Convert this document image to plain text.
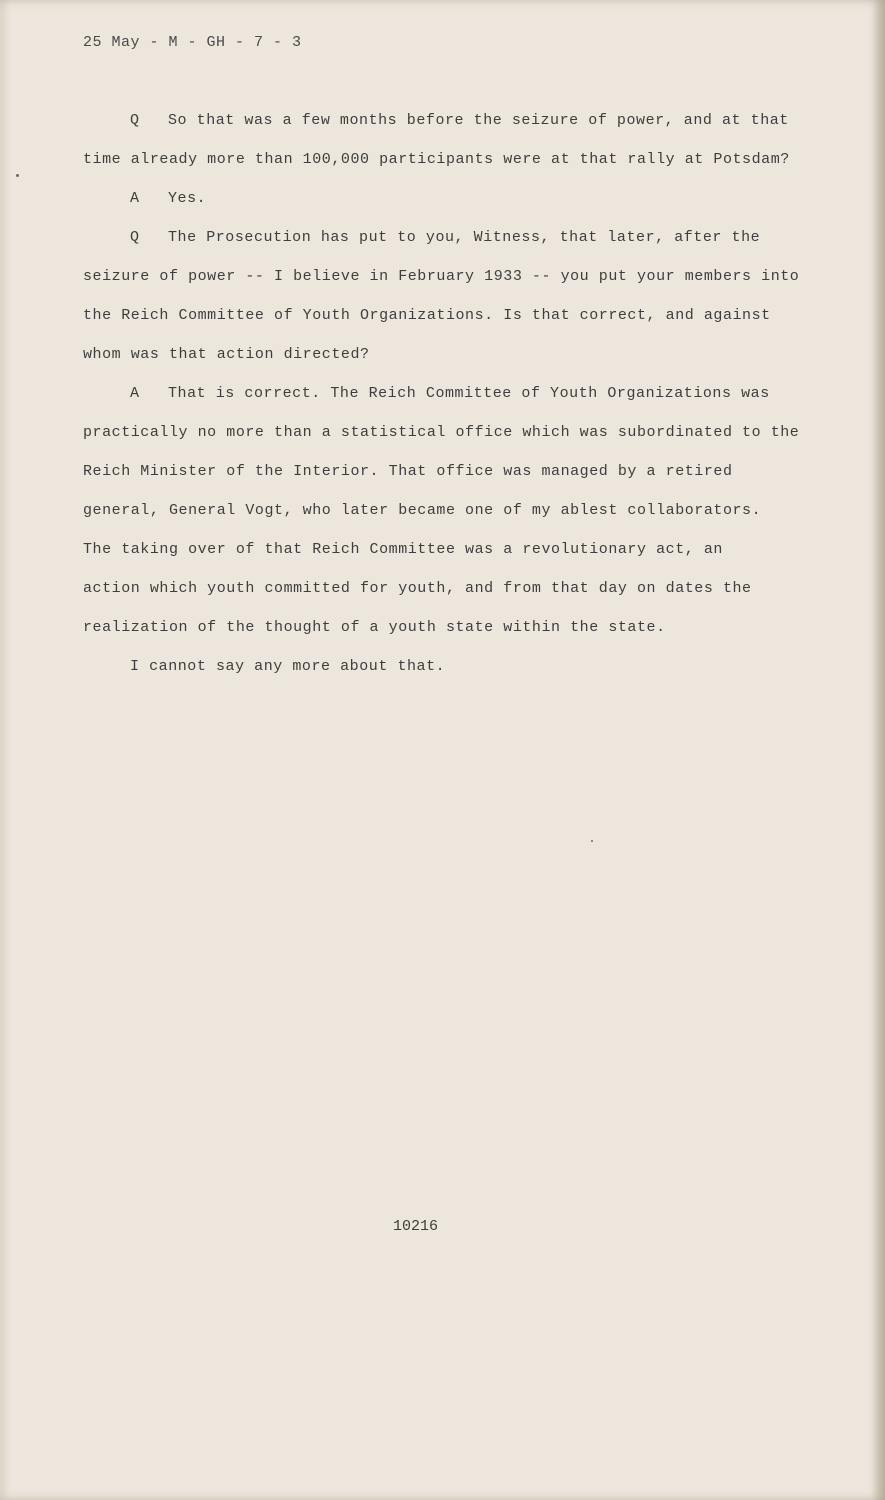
25 May - M - GH - 7 - 3
Q So that was a few months before the seizure of power, and at that
time already more than 100,000 participants were at that rally at Potsdam?
A Yes.
Q The Prosecution has put to you, Witness, that later, after the
seizure of power -- I believe in February 1933 -- you put your members into
the Reich Committee of Youth Organizations. Is that correct, and against
whom was that action directed?
A That is correct. The Reich Committee of Youth Organizations was
practically no more than a statistical office which was subordinated to the
Reich Minister of the Interior. That office was managed by a retired
general, General Vogt, who later became one of my ablest collaborators.
The taking over of that Reich Committee was a revolutionary act, an
action which youth committed for youth, and from that day on dates the
realization of the thought of a youth state within the state.
I cannot say any more about that.
10216
